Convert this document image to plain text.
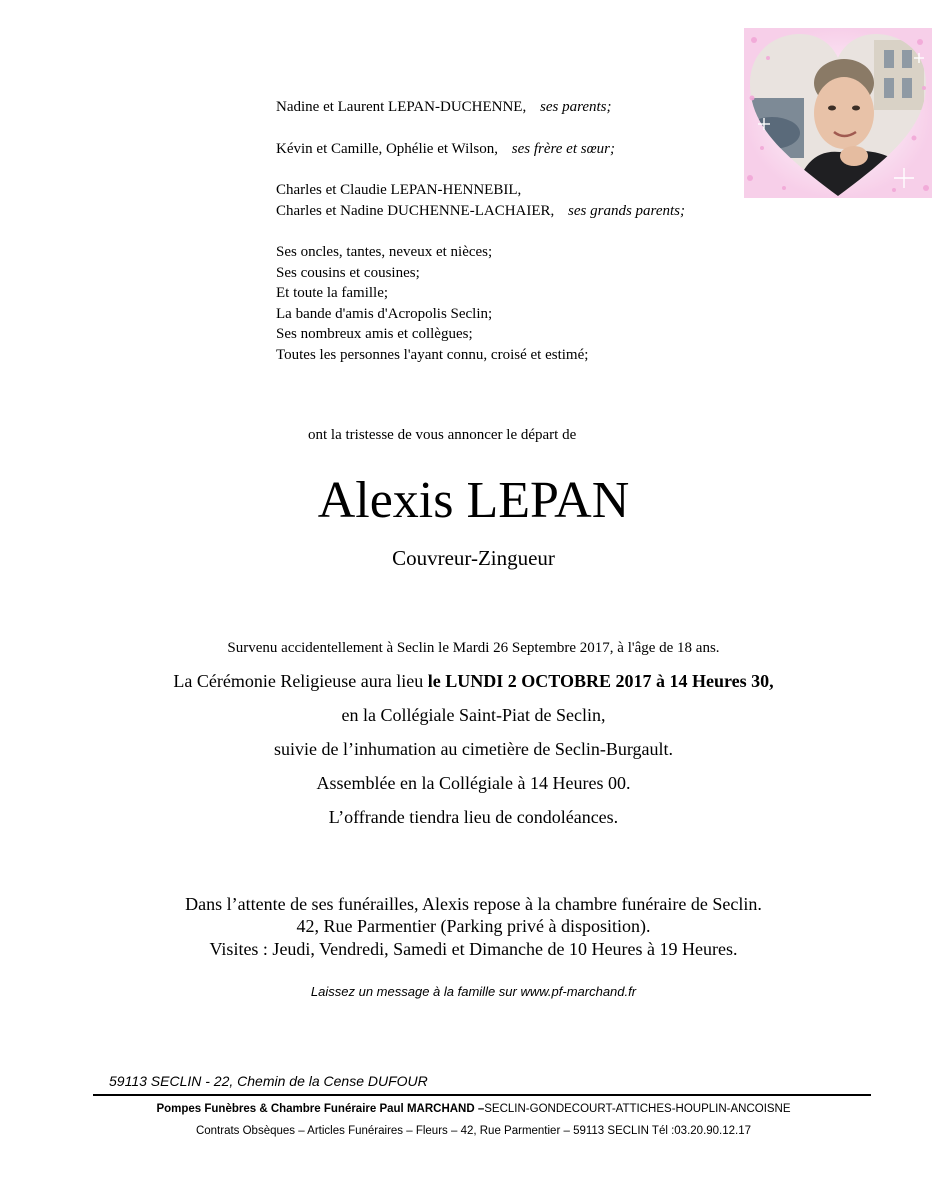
Nadine et Laurent LEPAN-DUCHENNE, ses parents;
Kévin et Camille, Ophélie et Wilson, ses frère et sœur;
Charles et Claudie LEPAN-HENNEBIL,
Charles et Nadine DUCHENNE-LACHAIER, ses grands parents;
Ses oncles, tantes, neveux et nièces;
Ses cousins et cousines;
Et toute la famille;
La bande d'amis d'Acropolis Seclin;
Ses nombreux amis et collègues;
Toutes les personnes l'ayant connu, croisé et estimé;
ont la tristesse de vous annoncer le départ de
Alexis LEPAN
Couvreur-Zingueur
Survenu accidentellement à Seclin le Mardi 26 Septembre 2017, à l'âge de 18 ans.
La Cérémonie Religieuse aura lieu le LUNDI 2 OCTOBRE 2017 à 14 Heures 30,
en la Collégiale Saint-Piat de Seclin,
suivie de l’inhumation au cimetière de Seclin-Burgault.
Assemblée en la Collégiale à 14 Heures 00.
L’offrande tiendra lieu de condoléances.
Dans l’attente de ses funérailles, Alexis repose à la chambre funéraire de Seclin.
42, Rue Parmentier (Parking privé à disposition).
Visites : Jeudi, Vendredi, Samedi et Dimanche de 10 Heures à 19 Heures.
Laissez un message à la famille sur www.pf-marchand.fr
59113 SECLIN - 22, Chemin de la Cense DUFOUR
Pompes Funèbres & Chambre Funéraire Paul MARCHAND –SECLIN-GONDECOURT-ATTICHES-HOUPLIN-ANCOISNE
Contrats Obsèques – Articles Funéraires – Fleurs – 42, Rue Parmentier – 59113 SECLIN Tél :03.20.90.12.17
